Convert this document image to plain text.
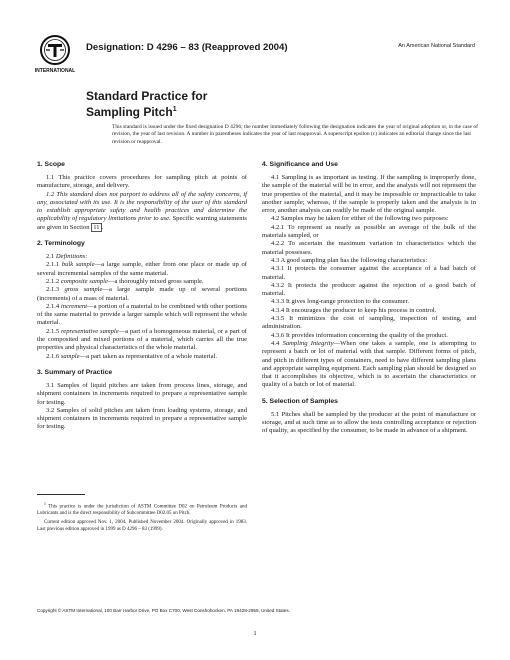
INTERNATIONAL
Designation: D 4296 – 83 (Reapproved 2004)	An American National Standard
Standard Practice for
Sampling Pitch$^1$

This standard is issued under the fixed designation D 4296; the number immediately following the designation indicates the year of original adoption or, in the case of revision, the year of last revision. A number in parentheses indicates the year of last reapproval. A superscript epsilon (ε) indicates an editorial change since the last revision or reapproval.

1. Scope

1.1 This practice covers procedures for sampling pitch at points of manufacture, storage, and delivery.

1.2 This standard does not purport to address all of the safety concerns, if any, associated with its use. It is the responsibility of the user of this standard to establish appropriate safety and health practices and determine the applicability of regulatory limitations prior to use. Specific warning statements are given in Section 11 .

2. Terminology

2.1 Definitions:

2.1.1 bulk sample—a large sample, either from one place or made up of several incremental samples of the same material.

2.1.2 composite sample—a thoroughly mixed gross sample.

2.1.3 gross sample—a large sample made up of several portions (increments) of a mass of material.

2.1.4 increment—a portion of a material to be combined with other portions of the same material to provide a larger sample which will represent the whole material.

2.1.5 representative sample—a part of a homogeneous material, or a part of the composited and mixed portions of a material, which carries all the true properties and physical characteristics of the whole material.

2.1.6 sample—a part taken as representative of a whole material.

3. Summary of Practice

3.1 Samples of liquid pitches are taken from process lines, storage, and shipment containers in increments required to prepare a representative sample for testing.

3.2 Samples of solid pitches are taken from loading systems, storage, and shipment containers in increments required to prepare a representative sample for testing.

$^1$ This practice is under the jurisdiction of ASTM Committee D02 on Petroleum Products and Lubricants and is the direct responsibility of Subcommittee D02.05 on Pitch.

Current edition approved Nov. 1, 2004. Published November 2004. Originally approved in 1983. Last previous edition approved in 1999 as D 4296 – 83 (1999).

4. Significance and Use

4.1 Sampling is as important as testing. If the sampling is improperly done, the sample of the material will be in error, and the analysis will not represent the true properties of the material, and it may be impossible or impracticable to take another sample; whereas, if the sample is properly taken and the analysis is in error, another analysis can readily be made of the original sample.

4.2 Samples may be taken for either of the following two purposes:

4.2.1 To represent as nearly as possible an average of the bulk of the materials sampled, or

4.2.2 To ascertain the maximum variation in characteristics which the material possesses.

4.3 A good sampling plan has the following characteristics:

4.3.1 It protects the consumer against the acceptance of a bad batch of material.

4.3.2 It protects the producer against the rejection of a good batch of material.

4.3.3 It gives long-range protection to the consumer.

4.3.4 It encourages the producer to keep his process in control.

4.3.5 It minimizes the cost of sampling, inspection of testing, and administration.

4.3.6 It provides information concerning the quality of the product.

4.4 Sampling Integrity—When one takes a sample, one is attempting to represent a batch or lot of material with that sample. Different forms of pitch, and pitch in different types of containers, need to have different sampling plans and appropriate sampling equipment. Each sampling plan should be designed so that it accomplishes its objective, which is to ascertain the characteristics or quality of a batch or lot of material.

5. Selection of Samples

5.1 Pitches shall be sampled by the producer at the point of manufacture or storage, and at such time as to allow the tests controlling acceptance or rejection of quality, as specified by the consumer, to be made in advance of a shipment.

Copyright © ASTM International, 100 Barr Harbor Drive, PO Box C700, West Conshohocken, PA 19428-2959, United States.
1
